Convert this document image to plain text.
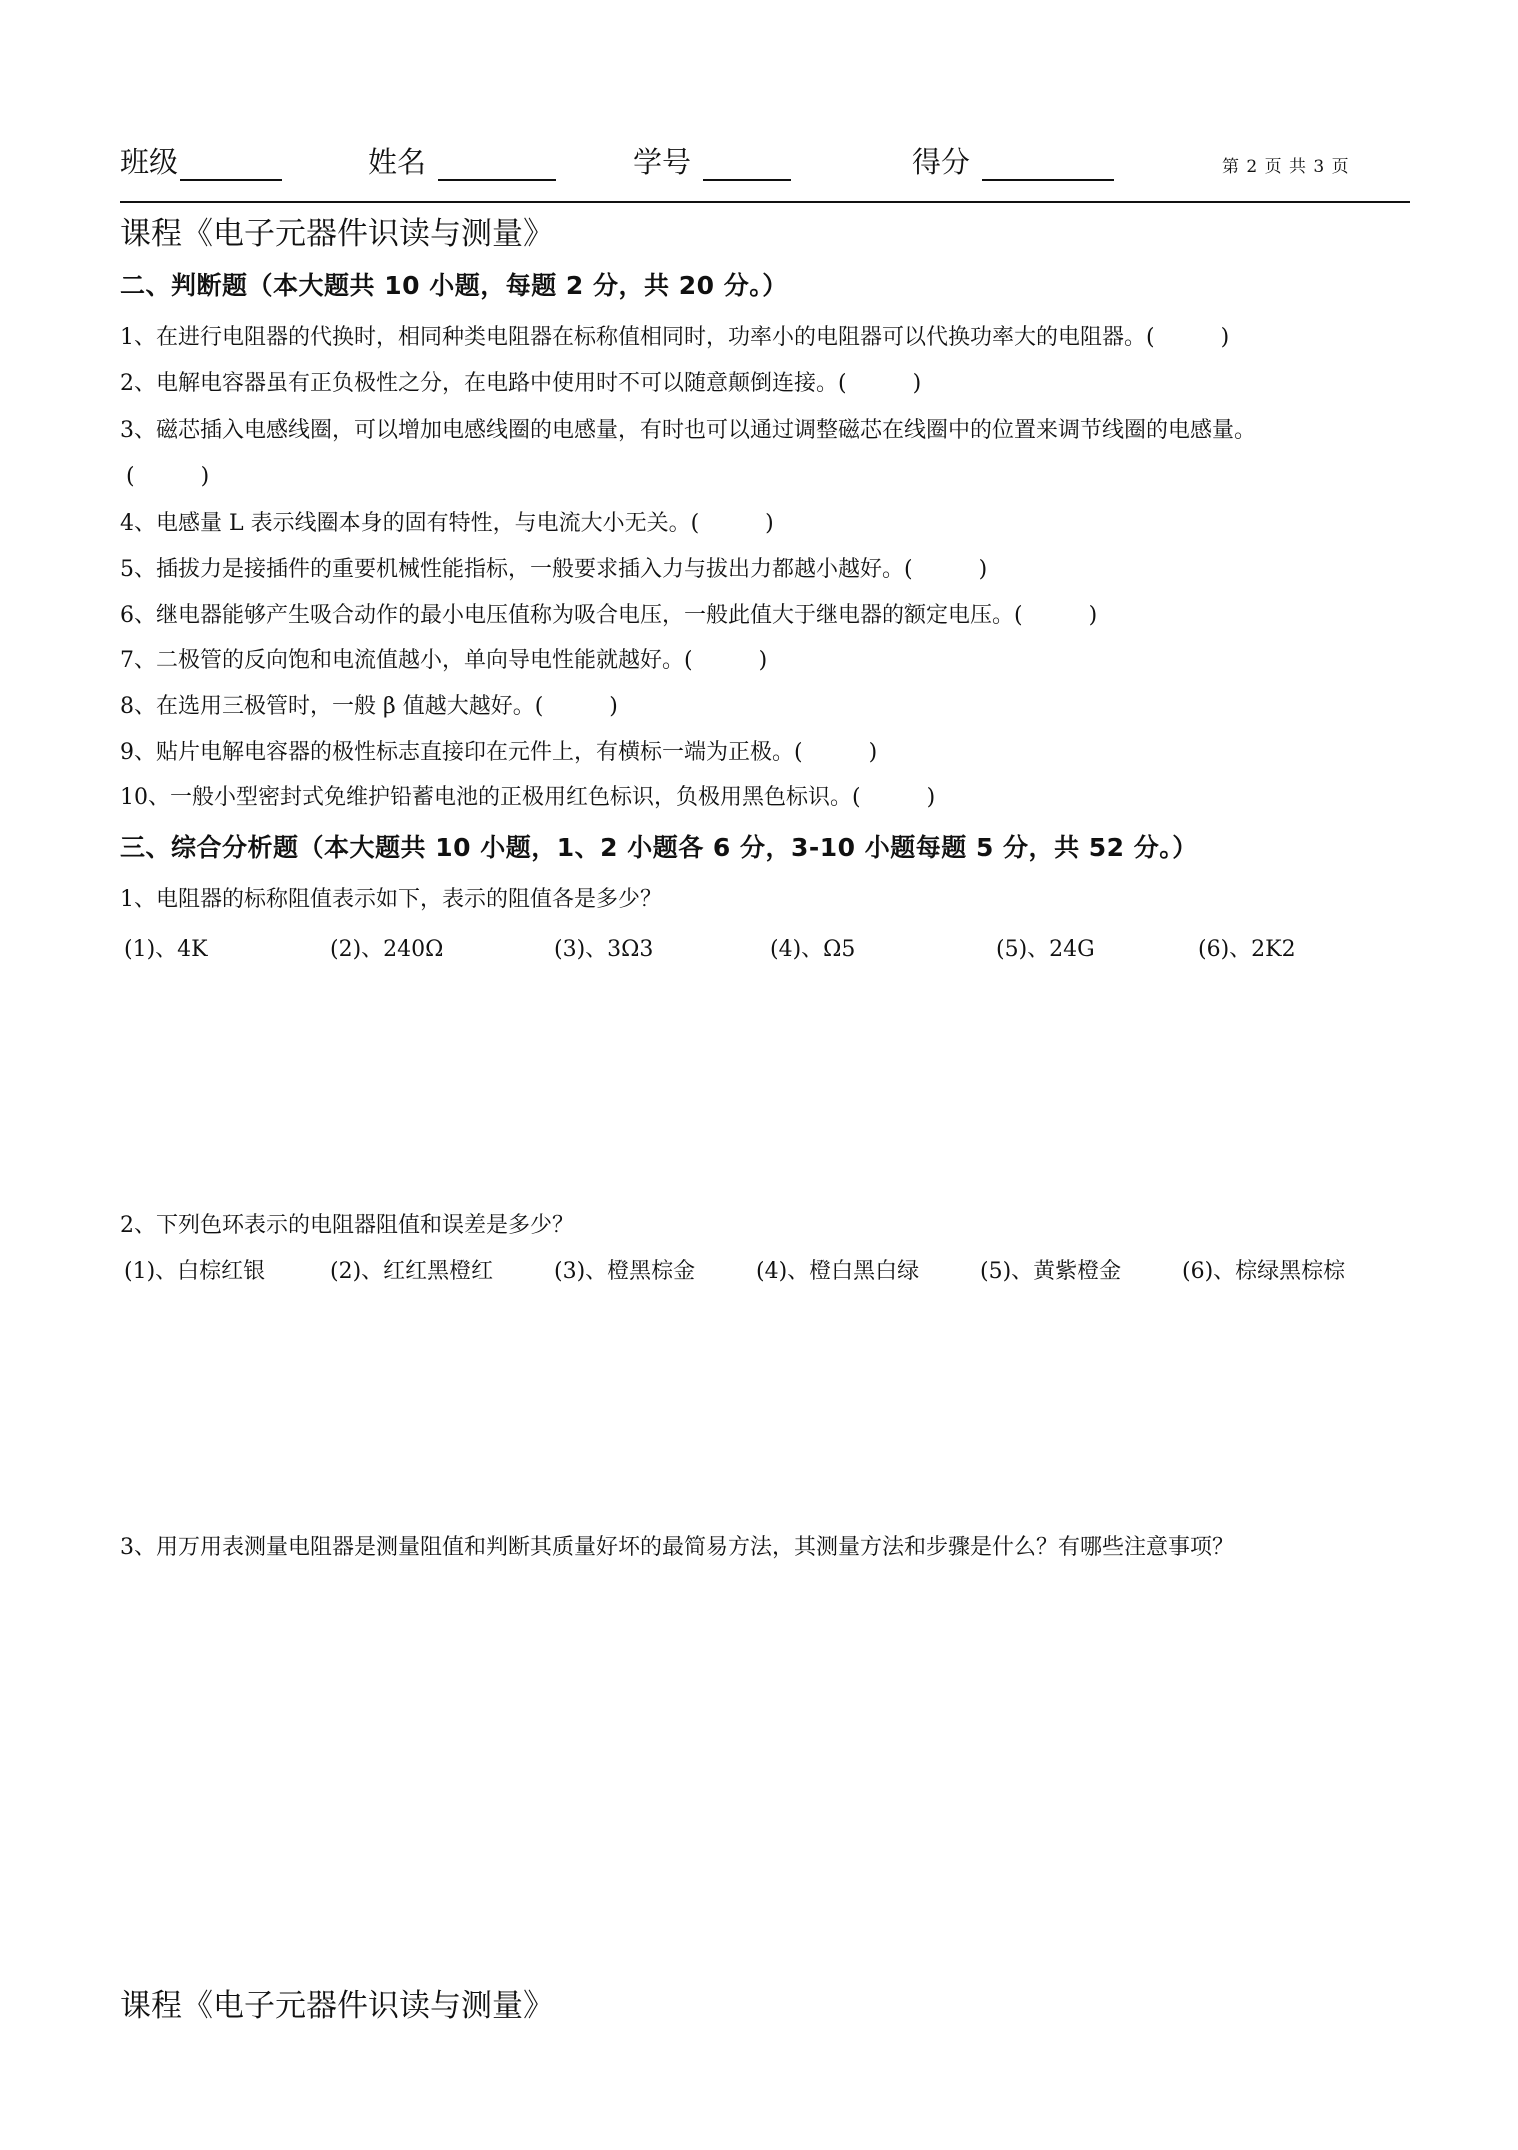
班级	姓名	学号	得分	第 2 页 共 3 页
课程《电子元器件识读与测量》
二、判断题（本大题共 10 小题，每题 2 分，共 20 分。）
1、在进行电阻器的代换时，相同种类电阻器在标称值相同时，功率小的电阻器可以代换功率大的电阻器。(　　　)
2、电解电容器虽有正负极性之分，在电路中使用时不可以随意颠倒连接。(　　　)
3、磁芯插入电感线圈，可以增加电感线圈的电感量，有时也可以通过调整磁芯在线圈中的位置来调节线圈的电感量。
(　　　)
4、电感量 L 表示线圈本身的固有特性，与电流大小无关。(　　　)
5、插拔力是接插件的重要机械性能指标，一般要求插入力与拔出力都越小越好。(　　　)
6、继电器能够产生吸合动作的最小电压值称为吸合电压，一般此值大于继电器的额定电压。(　　　)
7、二极管的反向饱和电流值越小，单向导电性能就越好。(　　　)
8、在选用三极管时，一般 β 值越大越好。(　　　)
9、贴片电解电容器的极性标志直接印在元件上，有横标一端为正极。(　　　)
10、一般小型密封式免维护铅蓄电池的正极用红色标识，负极用黑色标识。(　　　)
三、综合分析题（本大题共 10 小题，1、2 小题各 6 分，3-10 小题每题 5 分，共 52 分。）
1、电阻器的标称阻值表示如下，表示的阻值各是多少？
(1)、4K	(2)、240Ω	(3)、3Ω3	(4)、Ω5	(5)、24G	(6)、2K2
2、下列色环表示的电阻器阻值和误差是多少？
(1)、白棕红银	(2)、红红黑橙红	(3)、橙黑棕金	(4)、橙白黑白绿	(5)、黄紫橙金	(6)、棕绿黑棕棕
3、用万用表测量电阻器是测量阻值和判断其质量好坏的最简易方法，其测量方法和步骤是什么？有哪些注意事项？
课程《电子元器件识读与测量》
